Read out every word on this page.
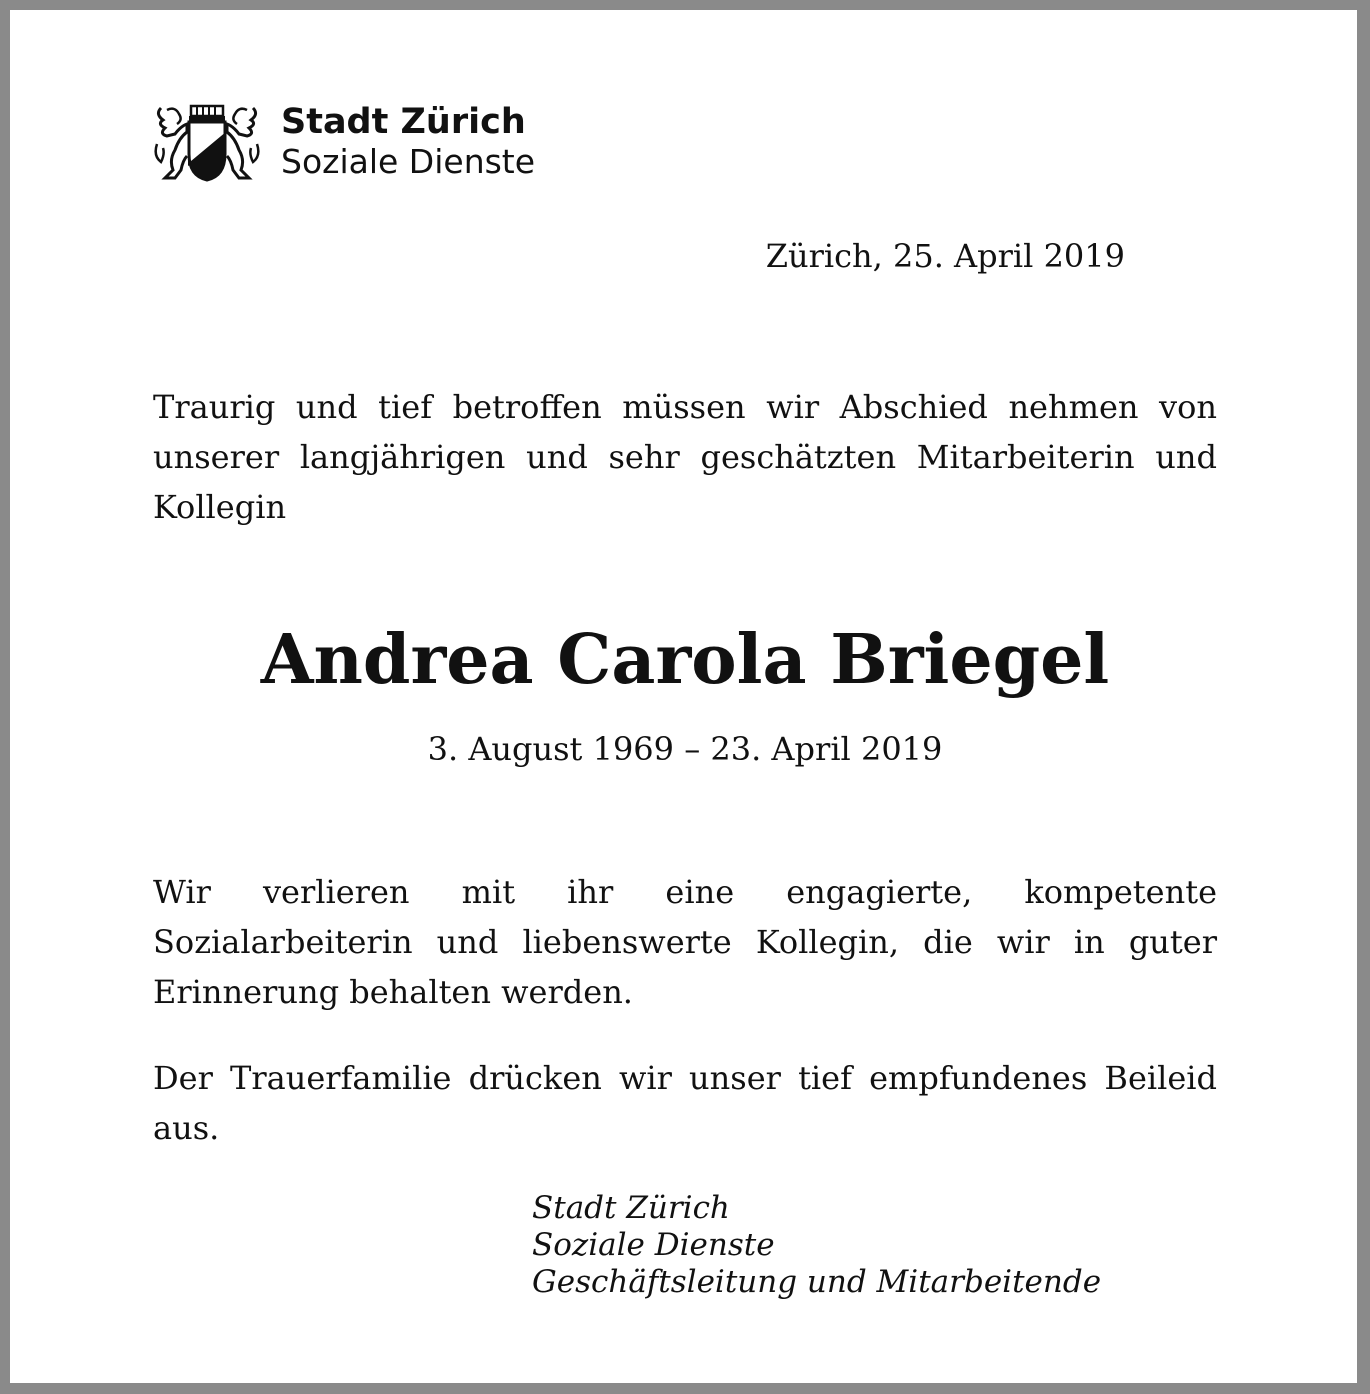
Stadt Zürich
Soziale Dienste
Zürich, 25. April 2019
Traurig und tief betroffen müssen wir Abschied nehmen von unserer langjährigen und sehr geschätzten Mitarbeiterin und Kollegin
Andrea Carola Briegel
3. August 1969 – 23. April 2019
Wir verlieren mit ihr eine engagierte, kompetente Sozialarbeiterin und liebenswerte Kollegin, die wir in guter Erinnerung behalten werden.
Der Trauerfamilie drücken wir unser tief empfundenes Beileid aus.
Stadt Zürich
Soziale Dienste
Geschäftsleitung und Mitarbeitende
